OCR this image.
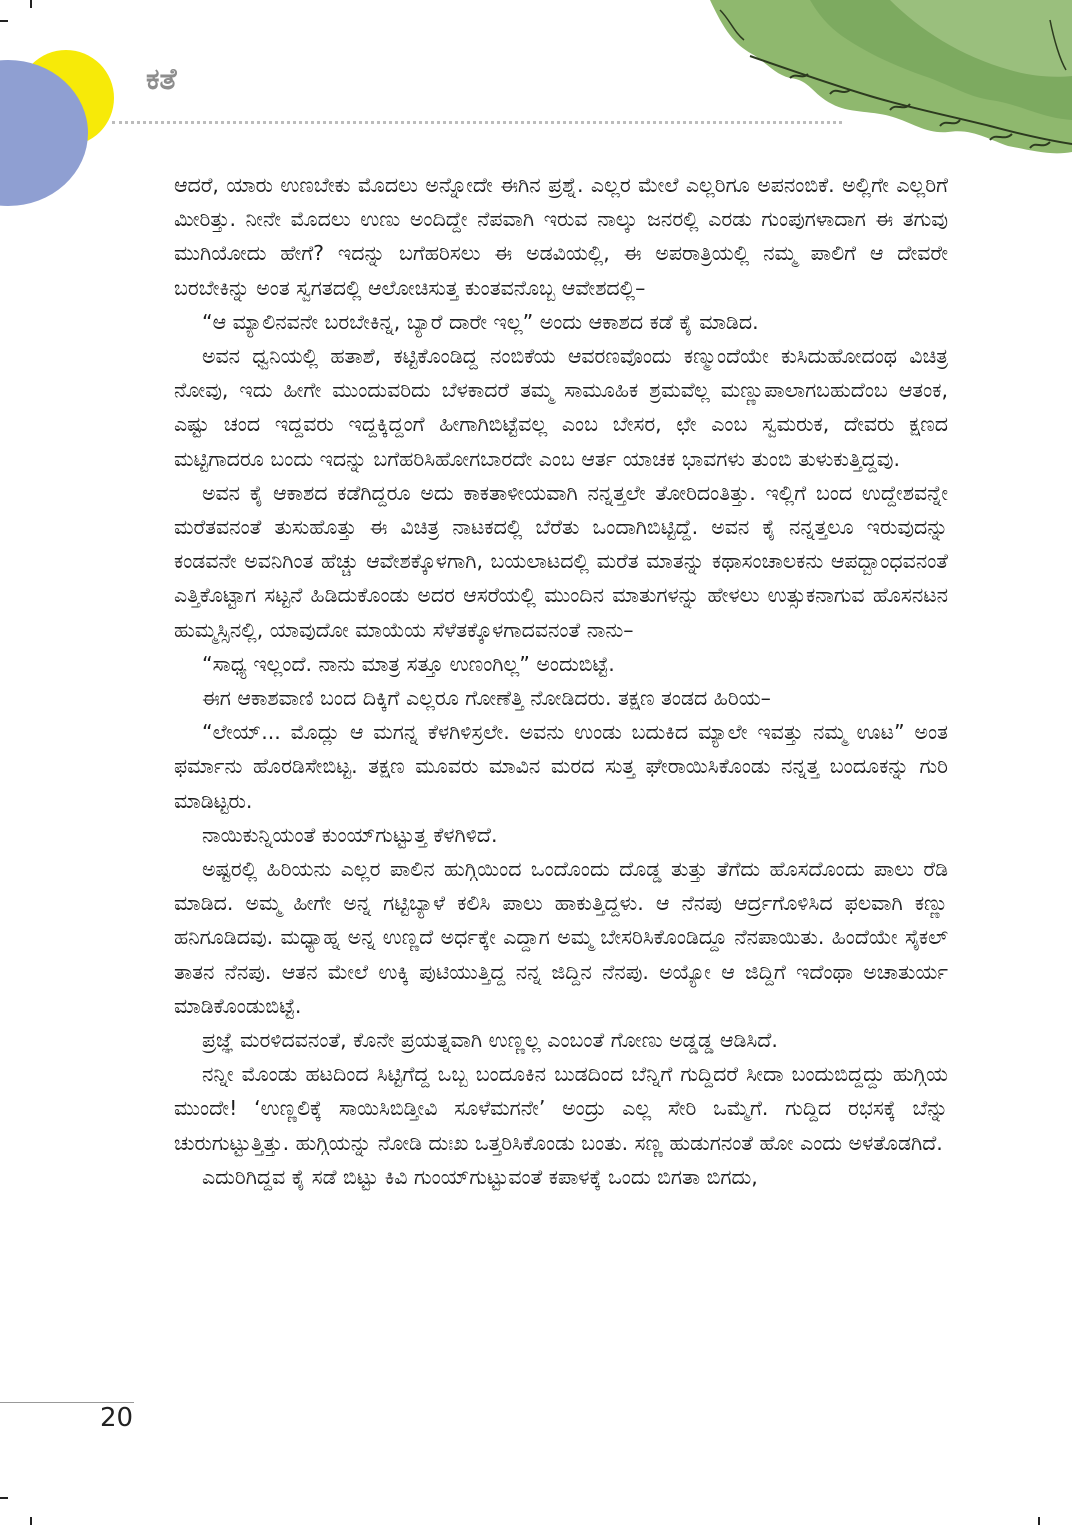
ಕತೆ

ಆದರೆ, ಯಾರು ಉಣಬೇಕು ಮೊದಲು ಅನ್ನೋದೇ ಈಗಿನ ಪ್ರಶ್ನೆ. ಎಲ್ಲರ ಮೇಲೆ ಎಲ್ಲರಿಗೂ ಅಪನಂಬಿಕೆ. ಅಲ್ಲಿಗೇ ಎಲ್ಲರಿಗೆ ಮೀರಿತ್ತು. ನೀನೇ ಮೊದಲು ಉಣು ಅಂದಿದ್ದೇ ನೆಪವಾಗಿ ಇರುವ ನಾಲ್ಕು ಜನರಲ್ಲಿ ಎರಡು ಗುಂಪುಗಳಾದಾಗ ಈ ತಗುವು ಮುಗಿಯೋದು ಹೇಗೆ? ಇದನ್ನು ಬಗೆಹರಿಸಲು ಈ ಅಡವಿಯಲ್ಲಿ, ಈ ಅಪರಾತ್ರಿಯಲ್ಲಿ ನಮ್ಮ ಪಾಲಿಗೆ ಆ ದೇವರೇ ಬರಬೇಕಿನ್ನು ಅಂತ ಸ್ವಗತದಲ್ಲಿ ಆಲೋಚಿಸುತ್ತ ಕುಂತವನೊಬ್ಬ ಆವೇಶದಲ್ಲಿ–

“ಆ ಮ್ಯಾಲಿನವನೇ ಬರಬೇಕಿನ್ನ, ಬ್ಯಾರೆ ದಾರೇ ಇಲ್ಲ” ಅಂದು ಆಕಾಶದ ಕಡೆ ಕೈ ಮಾಡಿದ.

ಅವನ ಧ್ವನಿಯಲ್ಲಿ ಹತಾಶೆ, ಕಟ್ಟಿಕೊಂಡಿದ್ದ ನಂಬಿಕೆಯ ಆವರಣವೊಂದು ಕಣ್ಮುಂದೆಯೇ ಕುಸಿದುಹೋದಂಥ ವಿಚಿತ್ರ ನೋವು, ಇದು ಹೀಗೇ ಮುಂದುವರಿದು ಬೆಳಕಾದರೆ ತಮ್ಮ ಸಾಮೂಹಿಕ ಶ್ರಮವೆಲ್ಲ ಮಣ್ಣುಪಾಲಾಗಬಹುದೆಂಬ ಆತಂಕ, ಎಷ್ಟು ಚಂದ ಇದ್ದವರು ಇದ್ದಕ್ಕಿದ್ದಂಗೆ ಹೀಗಾಗಿಬಿಟ್ಟೆವಲ್ಲ ಎಂಬ ಬೇಸರ, ಛೇ ಎಂಬ ಸ್ವಮರುಕ, ದೇವರು ಕ್ಷಣದ ಮಟ್ಟಿಗಾದರೂ ಬಂದು ಇದನ್ನು ಬಗೆಹರಿಸಿಹೋಗಬಾರದೇ ಎಂಬ ಆರ್ತ ಯಾಚಕ ಭಾವಗಳು ತುಂಬಿ ತುಳುಕುತ್ತಿದ್ದವು.

ಅವನ ಕೈ ಆಕಾಶದ ಕಡೆಗಿದ್ದರೂ ಅದು ಕಾಕತಾಳೀಯವಾಗಿ ನನ್ನತ್ತಲೇ ತೋರಿದಂತಿತ್ತು. ಇಲ್ಲಿಗೆ ಬಂದ ಉದ್ದೇಶವನ್ನೇ ಮರೆತವನಂತೆ ತುಸುಹೊತ್ತು ಈ ವಿಚಿತ್ರ ನಾಟಕದಲ್ಲಿ ಬೆರೆತು ಒಂದಾಗಿಬಿಟ್ಟಿದ್ದೆ. ಅವನ ಕೈ ನನ್ನತ್ತಲೂ ಇರುವುದನ್ನು ಕಂಡವನೇ ಅವನಿಗಿಂತ ಹೆಚ್ಚು ಆವೇಶಕ್ಕೊಳಗಾಗಿ, ಬಯಲಾಟದಲ್ಲಿ ಮರೆತ ಮಾತನ್ನು ಕಥಾಸಂಚಾಲಕನು ಆಪದ್ಬಾಂಧವನಂತೆ ಎತ್ತಿಕೊಟ್ಟಾಗ ಸಟ್ಟನೆ ಹಿಡಿದುಕೊಂಡು ಅದರ ಆಸರೆಯಲ್ಲಿ ಮುಂದಿನ ಮಾತುಗಳನ್ನು ಹೇಳಲು ಉತ್ಸುಕನಾಗುವ ಹೊಸನಟನ ಹುಮ್ಮಸ್ಸಿನಲ್ಲಿ, ಯಾವುದೋ ಮಾಯೆಯ ಸೆಳೆತಕ್ಕೊಳಗಾದವನಂತೆ ನಾನು–

“ಸಾಧ್ಯ ಇಲ್ಲಂದೆ. ನಾನು ಮಾತ್ರ ಸತ್ತೂ ಉಣಂಗಿಲ್ಲ” ಅಂದುಬಿಟ್ಟೆ.

ಈಗ ಆಕಾಶವಾಣಿ ಬಂದ ದಿಕ್ಕಿಗೆ ಎಲ್ಲರೂ ಗೋಣೆತ್ತಿ ನೋಡಿದರು. ತಕ್ಷಣ ತಂಡದ ಹಿರಿಯ–

“ಲೇಯ್... ಮೊದ್ಲು ಆ ಮಗನ್ನ ಕೆಳಗಿಳಿಸ್ರಲೇ. ಅವನು ಉಂಡು ಬದುಕಿದ ಮ್ಯಾಲೇ ಇವತ್ತು ನಮ್ಮ ಊಟ” ಅಂತ ಫರ್ಮಾನು ಹೊರಡಿಸೇಬಿಟ್ಟ. ತಕ್ಷಣ ಮೂವರು ಮಾವಿನ ಮರದ ಸುತ್ತ ಘೇರಾಯಿಸಿಕೊಂಡು ನನ್ನತ್ತ ಬಂದೂಕನ್ನು ಗುರಿ ಮಾಡಿಟ್ಟರು.

ನಾಯಿಕುನ್ನಿಯಂತೆ ಕುಂಯ್‌ಗುಟ್ಟುತ್ತ ಕೆಳಗಿಳಿದೆ.

ಅಷ್ಟರಲ್ಲಿ ಹಿರಿಯನು ಎಲ್ಲರ ಪಾಲಿನ ಹುಗ್ಗಿಯಿಂದ ಒಂದೊಂದು ದೊಡ್ಡ ತುತ್ತು ತೆಗೆದು ಹೊಸದೊಂದು ಪಾಲು ರೆಡಿ ಮಾಡಿದ. ಅಮ್ಮ ಹೀಗೇ ಅನ್ನ ಗಟ್ಟಿಬ್ಯಾಳೆ ಕಲಿಸಿ ಪಾಲು ಹಾಕುತ್ತಿದ್ದಳು. ಆ ನೆನಪು ಆರ್ದ್ರಗೊಳಿಸಿದ ಫಲವಾಗಿ ಕಣ್ಣು ಹನಿಗೂಡಿದವು. ಮಧ್ಯಾಹ್ನ ಅನ್ನ ಉಣ್ಣದೆ ಅರ್ಧಕ್ಕೇ ಎದ್ದಾಗ ಅಮ್ಮ ಬೇಸರಿಸಿಕೊಂಡಿದ್ದೂ ನೆನಪಾಯಿತು. ಹಿಂದೆಯೇ ಸೈಕಲ್ ತಾತನ ನೆನಪು. ಆತನ ಮೇಲೆ ಉಕ್ಕಿ ಪುಟಿಯುತ್ತಿದ್ದ ನನ್ನ ಜಿದ್ದಿನ ನೆನಪು. ಅಯ್ಯೋ ಆ ಜಿದ್ದಿಗೆ ಇದೆಂಥಾ ಅಚಾತುರ್ಯ ಮಾಡಿಕೊಂಡುಬಿಟ್ಟೆ.

ಪ್ರಜ್ಞೆ ಮರಳಿದವನಂತೆ, ಕೊನೇ ಪ್ರಯತ್ನವಾಗಿ ಉಣ್ಣಲ್ಲ ಎಂಬಂತೆ ಗೋಣು ಅಡ್ಡಡ್ಡ ಆಡಿಸಿದೆ.

ನನ್ನೀ ಮೊಂಡು ಹಟದಿಂದ ಸಿಟ್ಟಿಗೆದ್ದ ಒಬ್ಬ ಬಂದೂಕಿನ ಬುಡದಿಂದ ಬೆನ್ನಿಗೆ ಗುದ್ದಿದರೆ ಸೀದಾ ಬಂದುಬಿದ್ದದ್ದು ಹುಗ್ಗಿಯ ಮುಂದೇ! ‘ಉಣ್ಣಲಿಕ್ಕೆ ಸಾಯಿಸಿಬಿಡ್ತೀವಿ ಸೂಳೆಮಗನೇ’ ಅಂದ್ರು ಎಲ್ಲ ಸೇರಿ ಒಮ್ಮೆಗೆ. ಗುದ್ದಿದ ರಭಸಕ್ಕೆ ಬೆನ್ನು ಚುರುಗುಟ್ಟುತ್ತಿತ್ತು. ಹುಗ್ಗಿಯನ್ನು ನೋಡಿ ದುಃಖ ಒತ್ತರಿಸಿಕೊಂಡು ಬಂತು. ಸಣ್ಣ ಹುಡುಗನಂತೆ ಹೋ ಎಂದು ಅಳತೊಡಗಿದೆ.

ಎದುರಿಗಿದ್ದವ ಕೈ ಸಡೆ ಬಿಟ್ಟು ಕಿವಿ ಗುಂಯ್‌ಗುಟ್ಟುವಂತೆ ಕಪಾಳಕ್ಕೆ ಒಂದು ಬಿಗತಾ ಬಿಗದು,

20
